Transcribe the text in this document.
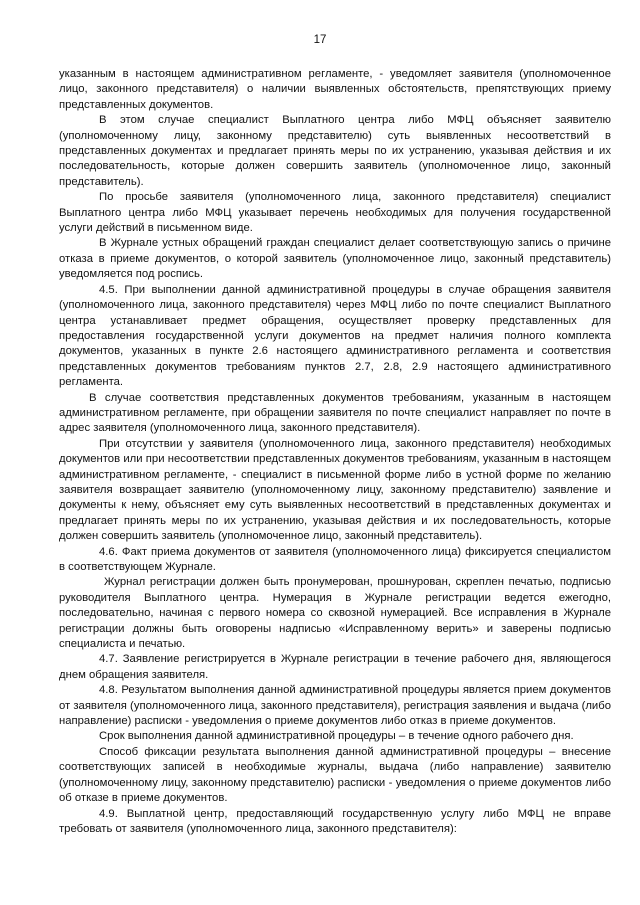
17

указанным в настоящем административном регламенте, - уведомляет заявителя (уполномоченное лицо, законного представителя) о наличии выявленных обстоятельств, препятствующих приему представленных документов.

В этом случае специалист Выплатного центра либо МФЦ объясняет заявителю (уполномоченному лицу, законному представителю) суть выявленных несоответствий в представленных документах и предлагает принять меры по их устранению, указывая действия и их последовательность, которые должен совершить заявитель (уполномоченное лицо, законный представитель).

По просьбе заявителя (уполномоченного лица, законного представителя) специалист Выплатного центра либо МФЦ указывает перечень необходимых для получения государственной услуги действий в письменном виде.

В Журнале устных обращений граждан специалист делает соответствующую запись о причине отказа в приеме документов, о которой заявитель (уполномоченное лицо, законный представитель) уведомляется под роспись.

4.5. При выполнении данной административной процедуры в случае обращения заявителя (уполномоченного лица, законного представителя) через МФЦ либо по почте специалист Выплатного центра устанавливает предмет обращения, осуществляет проверку представленных для предоставления государственной услуги документов на предмет наличия полного комплекта документов, указанных в пункте 2.6 настоящего административного регламента и соответствия представленных документов требованиям пунктов 2.7, 2.8, 2.9 настоящего административного регламента.

В случае соответствия представленных документов требованиям, указанным в настоящем административном регламенте, при обращении заявителя по почте специалист направляет по почте в адрес заявителя (уполномоченного лица, законного представителя).

При отсутствии у заявителя (уполномоченного лица, законного представителя) необходимых документов или при несоответствии представленных документов требованиям, указанным в настоящем административном регламенте, - специалист в письменной форме либо в устной форме по желанию заявителя возвращает заявителю (уполномоченному лицу, законному представителю) заявление и документы к нему, объясняет ему суть выявленных несоответствий в представленных документах и предлагает принять меры по их устранению, указывая действия и их последовательность, которые должен совершить заявитель (уполномоченное лицо, законный представитель).

4.6. Факт приема документов от заявителя (уполномоченного лица) фиксируется специалистом в соответствующем Журнале.

Журнал регистрации должен быть пронумерован, прошнурован, скреплен печатью, подписью руководителя Выплатного центра. Нумерация в Журнале регистрации ведется ежегодно, последовательно, начиная с первого номера со сквозной нумерацией. Все исправления в Журнале регистрации должны быть оговорены надписью «Исправленному верить» и заверены подписью специалиста и печатью.

4.7. Заявление регистрируется в Журнале регистрации в течение рабочего дня, являющегося днем обращения заявителя.

4.8. Результатом выполнения данной административной процедуры является прием документов от заявителя (уполномоченного лица, законного представителя), регистрация заявления и выдача (либо направление) расписки - уведомления о приеме документов либо отказ в приеме документов.

Срок выполнения данной административной процедуры – в течение одного рабочего дня.

Способ фиксации результата выполнения данной административной процедуры – внесение соответствующих записей в необходимые журналы, выдача (либо направление) заявителю (уполномоченному лицу, законному представителю) расписки - уведомления о приеме документов либо об отказе в приеме документов.

4.9. Выплатной центр, предоставляющий государственную услугу либо МФЦ не вправе требовать от заявителя (уполномоченного лица, законного представителя):
